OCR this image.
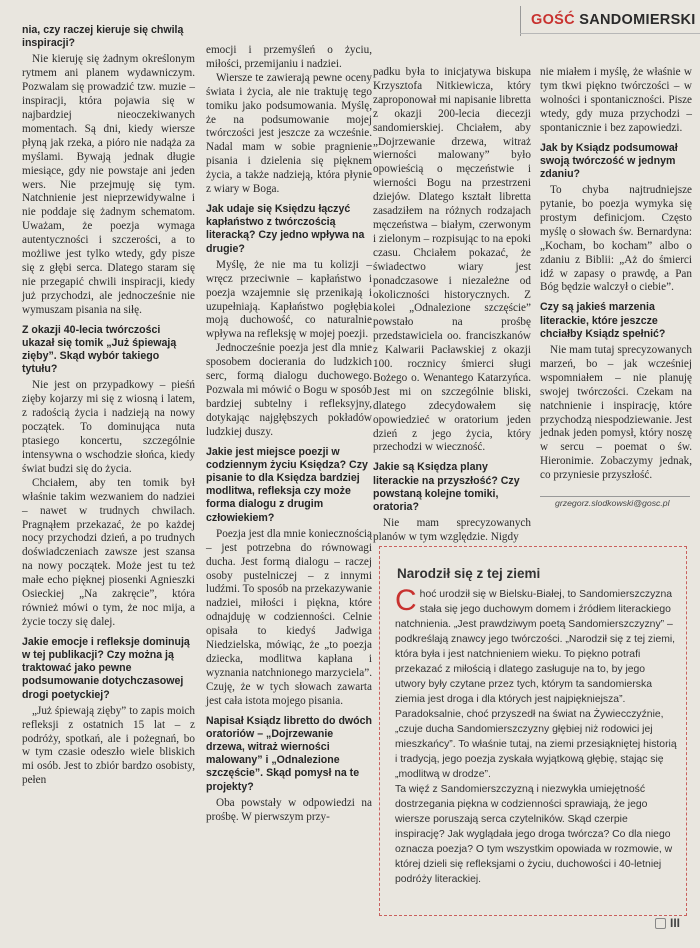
GOŚĆ SANDOMIERSKI
nia, czy raczej kieruje się chwilą inspiracji?

Nie kieruję się żadnym określonym rytmem ani planem wydawniczym. Pozwalam się prowadzić tzw. muzie – inspiracji, która pojawia się w najbardziej nieoczekiwanych momentach. Są dni, kiedy wiersze płyną jak rzeka, a pióro nie nadąża za myślami. Bywają jednak długie miesiące, gdy nie powstaje ani jeden wers. Nie przejmuję się tym. Natchnienie jest nieprzewidywalne i nie poddaje się żadnym schematom. Uważam, że poezja wymaga autentyczności i szczerości, a to możliwe jest tylko wtedy, gdy pisze się z głębi serca. Dlatego staram się nie przegapić chwili inspiracji, kiedy już przychodzi, ale jednocześnie nie wymuszam pisania na siłę.

Z okazji 40-lecia twórczości ukazał się tomik „Już śpiewają zięby”. Skąd wybór takiego tytułu?

Nie jest on przypadkowy – pieśń zięby kojarzy mi się z wiosną i latem, z radością życia i nadzieją na nowy początek. To dominująca nuta ptasiego koncertu, szczególnie intensywna o wschodzie słońca, kiedy świat budzi się do życia.

Chciałem, aby ten tomik był właśnie takim wezwaniem do nadziei – nawet w trudnych chwilach. Pragnąłem przekazać, że po każdej nocy przychodzi dzień, a po trudnych doświadczeniach zawsze jest szansa na nowy początek. Może jest tu też małe echo pięknej piosenki Agnieszki Osieckiej „Na zakręcie”, która również mówi o tym, że noc mija, a życie toczy się dalej.

Jakie emocje i refleksje dominują w tej publikacji? Czy można ją traktować jako pewne podsumowanie dotychczasowej drogi poetyckiej?

„Już śpiewają zięby” to zapis moich refleksji z ostatnich 15 lat – z podróży, spotkań, ale i pożegnań, bo w tym czasie odeszło wiele bliskich mi osób. Jest to zbiór bardzo osobisty, pełen

emocji i przemyśleń o życiu, miłości, przemijaniu i nadziei.

Wiersze te zawierają pewne oceny świata i życia, ale nie traktuję tego tomiku jako podsumowania. Myślę, że na podsumowanie mojej twórczości jest jeszcze za wcześnie. Nadal mam w sobie pragnienie pisania i dzielenia się pięknem życia, a także nadzieją, która płynie z wiary w Boga.

Jak udaje się Księdzu łączyć kapłaństwo z twórczością literacką? Czy jedno wpływa na drugie?

Myślę, że nie ma tu kolizji – wręcz przeciwnie – kapłaństwo i poezja wzajemnie się przenikają i uzupełniają. Kapłaństwo pogłębia moją duchowość, co naturalnie wpływa na refleksję w mojej poezji.

Jednocześnie poezja jest dla mnie sposobem docierania do ludzkich serc, formą dialogu duchowego. Pozwala mi mówić o Bogu w sposób bardziej subtelny i refleksyjny, dotykając najgłębszych pokładów ludzkiej duszy.

Jakie jest miejsce poezji w codziennym życiu Księdza? Czy pisanie to dla Księdza bardziej modlitwa, refleksja czy może forma dialogu z drugim człowiekiem?

Poezja jest dla mnie koniecznością – jest potrzebna do równowagi ducha. Jest formą dialogu – raczej osoby pustelniczej – z innymi ludźmi. To sposób na przekazywanie nadziei, miłości i piękna, które odnajduję w codzienności. Celnie opisała to kiedyś Jadwiga Niedzielska, mówiąc, że „to poezja dziecka, modlitwa kapłana i wyznania natchnionego marzyciela”. Czuję, że w tych słowach zawarta jest cała istota mojego pisania.

Napisał Ksiądz libretto do dwóch oratoriów – „Dojrzewanie drzewa, witraż wierności malowany” i „Odnalezione szczęście”. Skąd pomysł na te projekty?

Oba powstały w odpowiedzi na prośbę. W pierwszym przy-

padku była to inicjatywa biskupa Krzysztofa Nitkiewicza, który zaproponował mi napisanie libretta z okazji 200-lecia diecezji sandomierskiej. Chciałem, aby „Dojrzewanie drzewa, witraż wierności malowany” było opowieścią o męczeństwie i wierności Bogu na przestrzeni dziejów. Dlatego kształt libretta zasadziłem na różnych rodzajach męczeństwa – białym, czerwonym i zielonym – rozpisując to na epoki czasu. Chciałem pokazać, że świadectwo wiary jest ponadczasowe i niezależne od okoliczności historycznych. Z kolei „Odnalezione szczęście” powstało na prośbę przedstawiciela oo. franciszkanów z Kalwarii Pacławskiej z okazji 100. rocznicy śmierci sługi Bożego o. Wenantego Katarzyńca. Jest mi on szczególnie bliski, dlatego zdecydowałem się opowiedzieć w oratorium jeden dzień z jego życia, który przechodzi w wieczność.

Jakie są Księdza plany literackie na przyszłość? Czy powstaną kolejne tomiki, oratoria?

Nie mam sprecyzowanych planów w tym względzie. Nigdy

nie miałem i myślę, że właśnie w tym tkwi piękno twórczości – w wolności i spontaniczności. Pisze wtedy, gdy muza przychodzi – spontanicznie i bez zapowiedzi.

Jak by Ksiądz podsumował swoją twórczość w jednym zdaniu?

To chyba najtrudniejsze pytanie, bo poezja wymyka się prostym definicjom. Często myślę o słowach św. Bernardyna: „Kocham, bo kocham” albo o zdaniu z Biblii: „Aż do śmierci idź w zapasy o prawdę, a Pan Bóg będzie walczył o ciebie”.

Czy są jakieś marzenia literackie, które jeszcze chciałby Ksiądz spełnić?

Nie mam tutaj sprecyzowanych marzeń, bo – jak wcześniej wspomniałem – nie planuję swojej twórczości. Czekam na natchnienie i inspirację, które przychodzą niespodziewanie. Jest jednak jeden pomysł, który noszę w sercu – poemat o św. Hieronimie. Zobaczymy jednak, co przyniesie przyszłość.

grzegorz.slodkowski@gosc.pl
Narodził się z tej ziemi

Choć urodził się w Bielsku-Białej, to Sandomierszczyzna stała się jego duchowym domem i źródłem literackiego natchnienia. „Jest prawdziwym poetą Sandomierszczyzny” – podkreślają znawcy jego twórczości. „Narodził się z tej ziemi, która była i jest natchnieniem wieku. To piękno potrafi przekazać z miłością i dlatego zasługuje na to, by jego utwory były czytane przez tych, którym ta sandomierska ziemia jest droga i dla których jest najpiękniejsza”.

Paradoksalnie, choć przyszedł na świat na Żywiecczyźnie, „czuje ducha Sandomierszczyzny głębiej niż rodowici jej mieszkańcy”. To właśnie tutaj, na ziemi przesiąkniętej historią i tradycją, jego poezja zyskała wyjątkową głębię, stając się „modlitwą w drodze”.

Ta więź z Sandomierszczyzną i niezwykła umiejętność dostrzegania piękna w codzienności sprawiają, że jego wiersze poruszają serca czytelników. Skąd czerpie inspirację? Jak wyglądała jego droga twórcza? Co dla niego oznacza poezja? O tym wszystkim opowiada w rozmowie, w której dzieli się refleksjami o życiu, duchowości i 40-letniej podróży literackiej.

III
